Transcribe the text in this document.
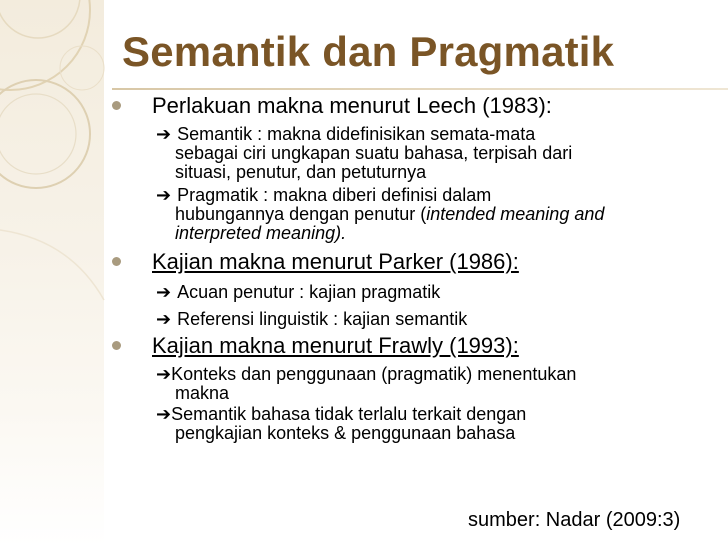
Semantik dan Pragmatik
Perlakuan makna menurut Leech (1983):
➔ Semantik : makna didefinisikan semata-mata
sebagai ciri ungkapan suatu bahasa, terpisah dari
situasi, penutur, dan petuturnya
➔ Pragmatik : makna diberi definisi dalam
hubungannya dengan penutur (intended meaning and
interpreted meaning).
Kajian makna menurut Parker (1986):
➔ Acuan penutur : kajian pragmatik
➔ Referensi linguistik : kajian semantik
Kajian makna menurut Frawly (1993):
➔Konteks dan penggunaan (pragmatik) menentukan
makna
➔Semantik bahasa tidak terlalu terkait dengan
pengkajian konteks & penggunaan bahasa

sumber: Nadar (2009:3)
